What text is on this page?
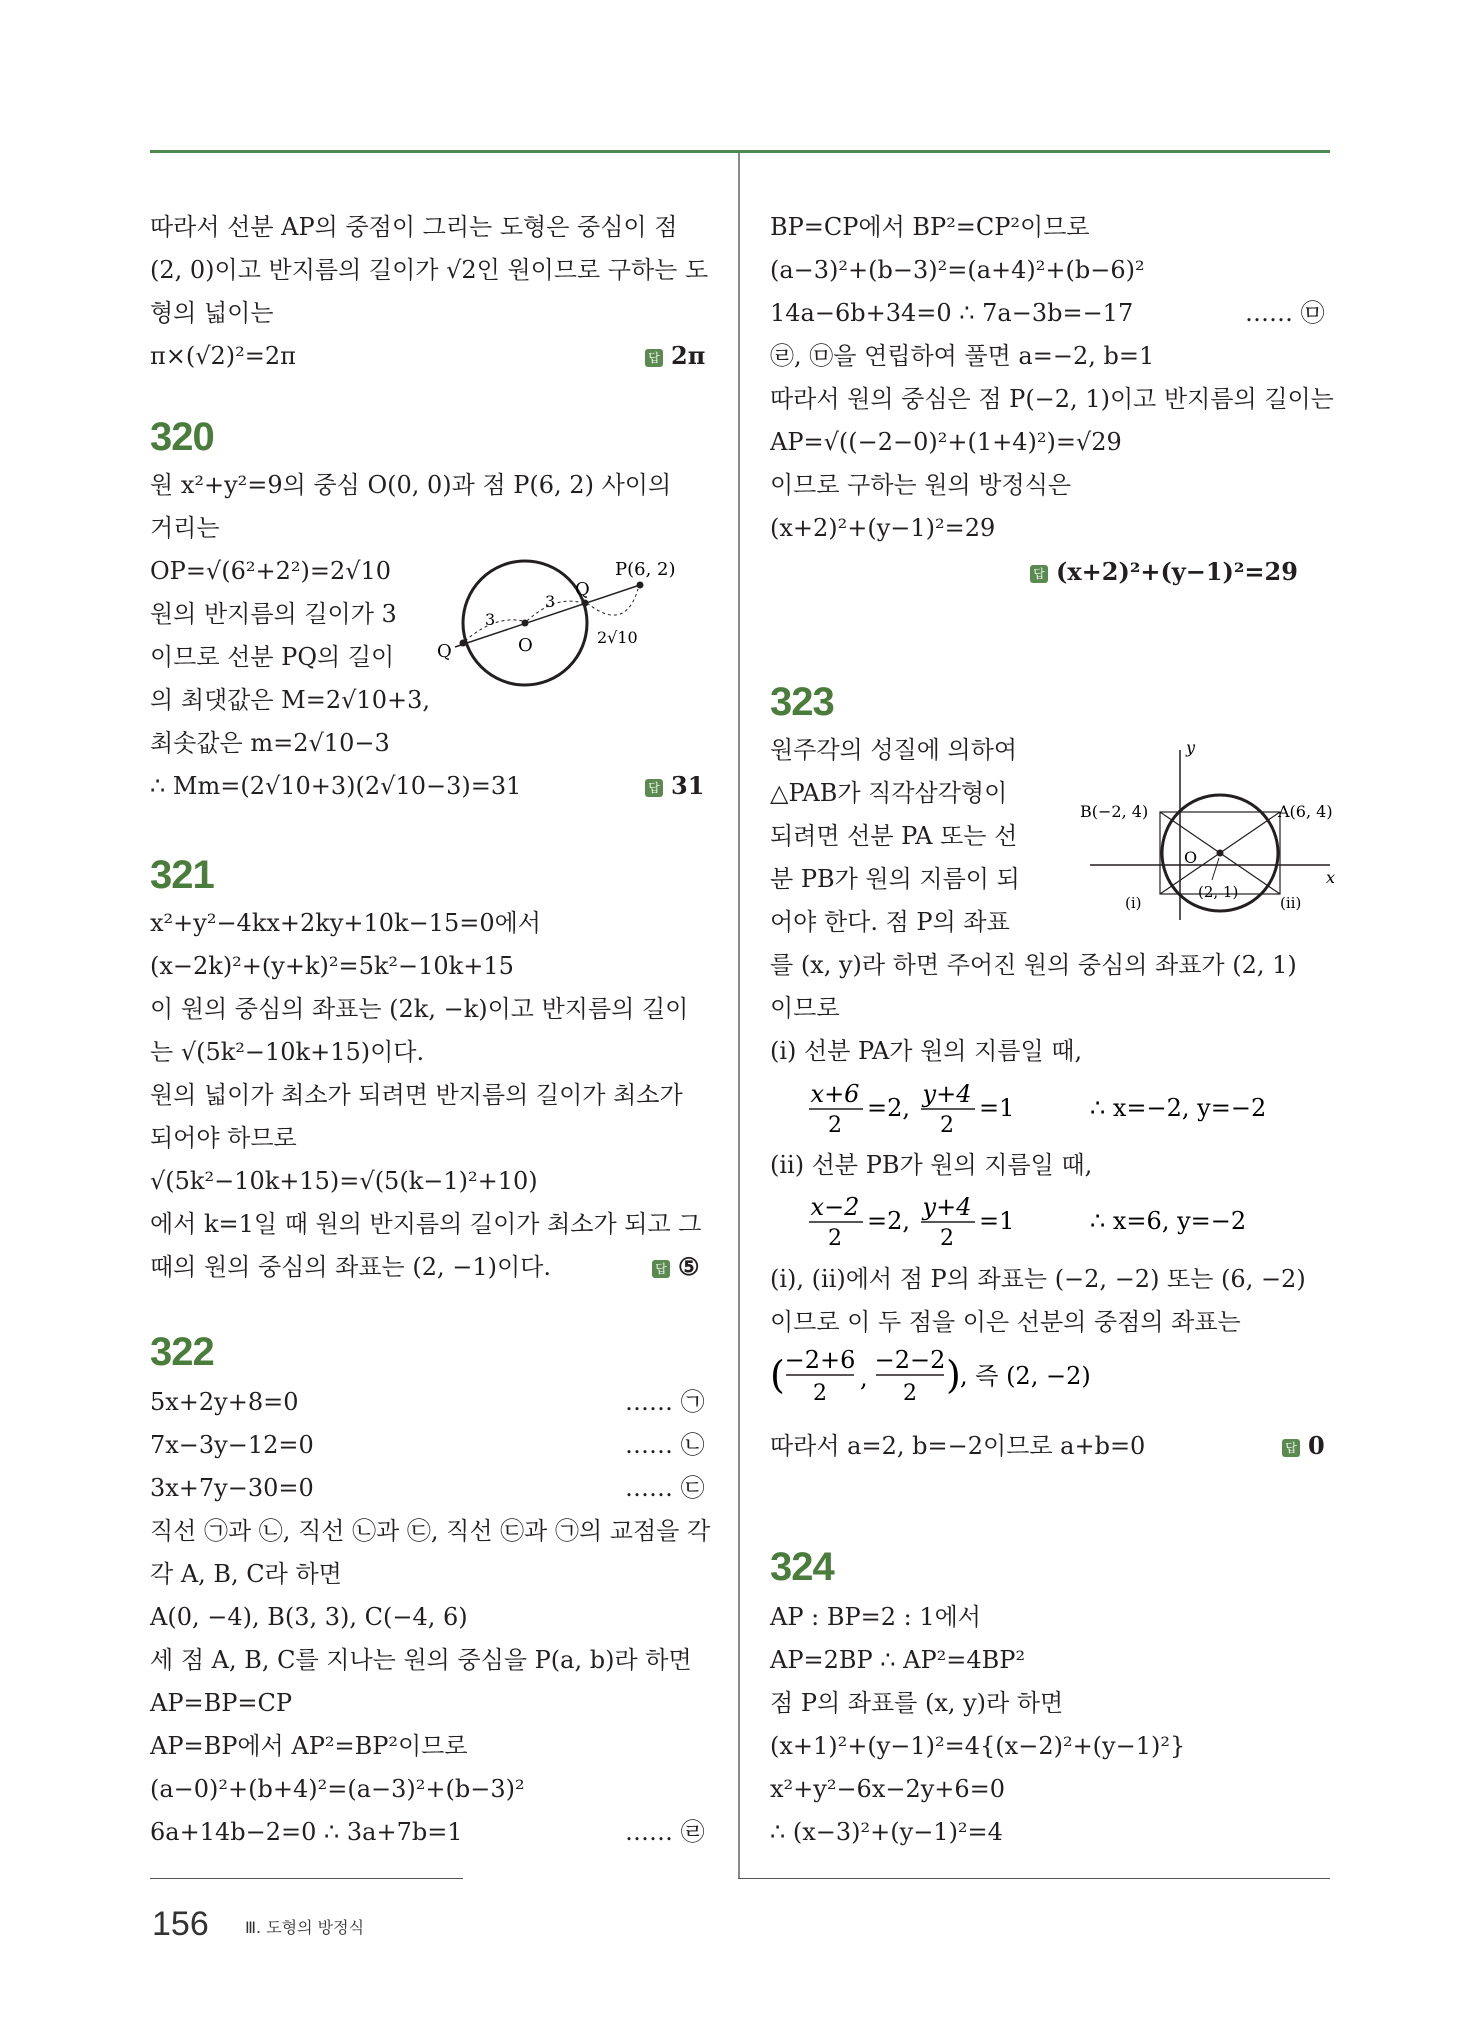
따라서 선분 AP의 중점이 그리는 도형은 중심이 점
(2, 0)이고 반지름의 길이가 √2인 원이므로 구하는 도
형의 넓이는
π×(√2)²=2π	답 2π
320
원 x²+y²=9의 중심 O(0, 0)과 점 P(6, 2) 사이의
거리는
OP=√(6²+2²)=2√10
원의 반지름의 길이가 3
이므로 선분 PQ의 길이
의 최댓값은 M=2√10+3,
최솟값은 m=2√10−3
∴ Mm=(2√10+3)(2√10−3)=31	답 31
P(6, 2)
Q
Q
O
3
3
2√10
321
x²+y²−4kx+2ky+10k−15=0에서
(x−2k)²+(y+k)²=5k²−10k+15
이 원의 중심의 좌표는 (2k, −k)이고 반지름의 길이
는 √(5k²−10k+15)이다.
원의 넓이가 최소가 되려면 반지름의 길이가 최소가
되어야 하므로
√(5k²−10k+15)=√(5(k−1)²+10)
에서 k=1일 때 원의 반지름의 길이가 최소가 되고 그
때의 원의 중심의 좌표는 (2, −1)이다.	답 ⑤
322
5x+2y+8=0	…… ㉠
7x−3y−12=0	…… ㉡
3x+7y−30=0	…… ㉢
직선 ㉠과 ㉡, 직선 ㉡과 ㉢, 직선 ㉢과 ㉠의 교점을 각
각 A, B, C라 하면
A(0, −4), B(3, 3), C(−4, 6)
세 점 A, B, C를 지나는 원의 중심을 P(a, b)라 하면
AP=BP=CP
AP=BP에서 AP²=BP²이므로
(a−0)²+(b+4)²=(a−3)²+(b−3)²
6a+14b−2=0 ∴ 3a+7b=1	…… ㉣
BP=CP에서 BP²=CP²이므로
(a−3)²+(b−3)²=(a+4)²+(b−6)²
14a−6b+34=0 ∴ 7a−3b=−17	…… ㉤
㉣, ㉤을 연립하여 풀면 a=−2, b=1
따라서 원의 중심은 점 P(−2, 1)이고 반지름의 길이는
AP=√((−2−0)²+(1+4)²)=√29
이므로 구하는 원의 방정식은
(x+2)²+(y−1)²=29
답 (x+2)²+(y−1)²=29
323
원주각의 성질에 의하여
△PAB가 직각삼각형이
되려면 선분 PA 또는 선
분 PB가 원의 지름이 되
어야 한다. 점 P의 좌표
를 (x, y)라 하면 주어진 원의 중심의 좌표가 (2, 1)
이므로
(ⅰ) 선분 PA가 원의 지름일 때,
y
x
B(−2, 4)	A(6, 4)
O
(2, 1)
(ⅰ)	(ⅱ)
x+6
2
=2, y+4
2
=1	∴ x=−2, y=−2
(ⅱ) 선분 PB가 원의 지름일 때,
x−2
2
=2, y+4
2
=1	∴ x=6, y=−2
(ⅰ), (ⅱ)에서 점 P의 좌표는 (−2, −2) 또는 (6, −2)
이므로 이 두 점을 이은 선분의 중점의 좌표는
( −2+6
2
,
−2−2
2 ) , 즉 (2, −2)
따라서 a=2, b=−2이므로 a+b=0	답 0
324
AP : BP=2 : 1에서
AP=2BP ∴ AP²=4BP²
점 P의 좌표를 (x, y)라 하면
(x+1)²+(y−1)²=4{(x−2)²+(y−1)²}
x²+y²−6x−2y+6=0
∴ (x−3)²+(y−1)²=4
156 Ⅲ. 도형의 방정식
